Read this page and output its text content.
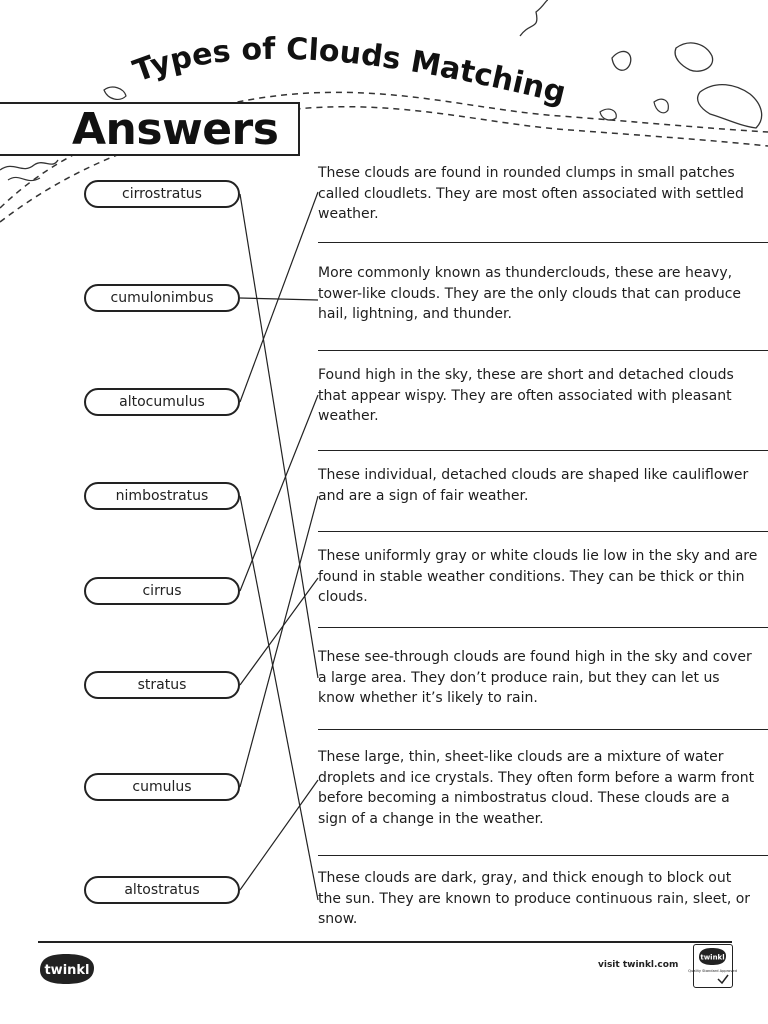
Types of Clouds Matching
Answers
cirrostratus
cumulonimbus
altocumulus
nimbostratus
cirrus
stratus
cumulus
altostratus
These clouds are found in rounded clumps in small patches called cloudlets. They are most often associated with settled weather.
More commonly known as thunderclouds, these are heavy, tower-like clouds. They are the only clouds that can produce hail, lightning, and thunder.
Found high in the sky, these are short and detached clouds that appear wispy. They are often associated with pleasant weather.
These individual, detached clouds are shaped like cauliflower and are a sign of fair weather.
These uniformly gray or white clouds lie low in the sky and are found in stable weather conditions. They can be thick or thin clouds.
These see-through clouds are found high in the sky and cover a large area. They don’t produce rain, but they can let us know whether it’s likely to rain.
These large, thin, sheet-like clouds are a mixture of water droplets and ice crystals. They often form before a warm front before becoming a nimbostratus cloud. These clouds are a sign of a change in the weather.
These clouds are dark, gray, and thick enough to block out the sun. They are known to produce continuous rain, sleet, or snow.
twinkl	visit twinkl.com
twinkl
Quality Standard Approved
